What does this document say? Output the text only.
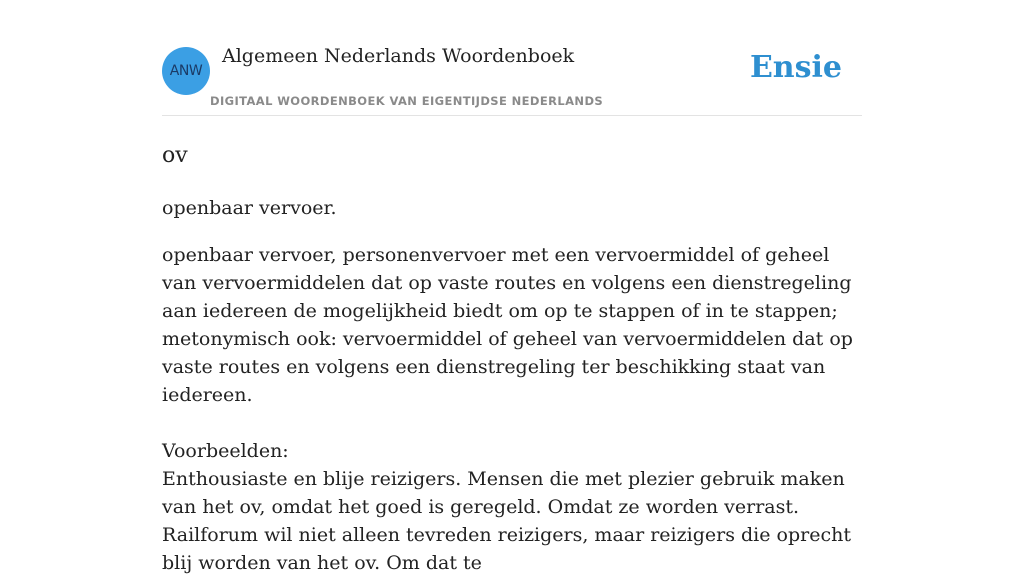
ANW
Algemeen Nederlands Woordenboek
DIGITAAL WOORDENBOEK VAN EIGENTIJDSE NEDERLANDS
Ensie
ov

openbaar vervoer.

openbaar vervoer, personenvervoer met een vervoermiddel of geheel van vervoermiddelen dat op vaste routes en volgens een dienstregeling aan iedereen de mogelijkheid biedt om op te stappen of in te stappen; metonymisch ook: vervoermiddel of geheel van vervoermiddelen dat op vaste routes en volgens een dienstregeling ter beschikking staat van iedereen.

Voorbeelden:

Enthousiaste en blije reizigers. Mensen die met plezier gebruik maken van het ov, omdat het goed is geregeld. Omdat ze worden verrast. Railforum wil niet alleen tevreden reizigers, maar reizigers die oprecht blij worden van het ov. Om dat te
